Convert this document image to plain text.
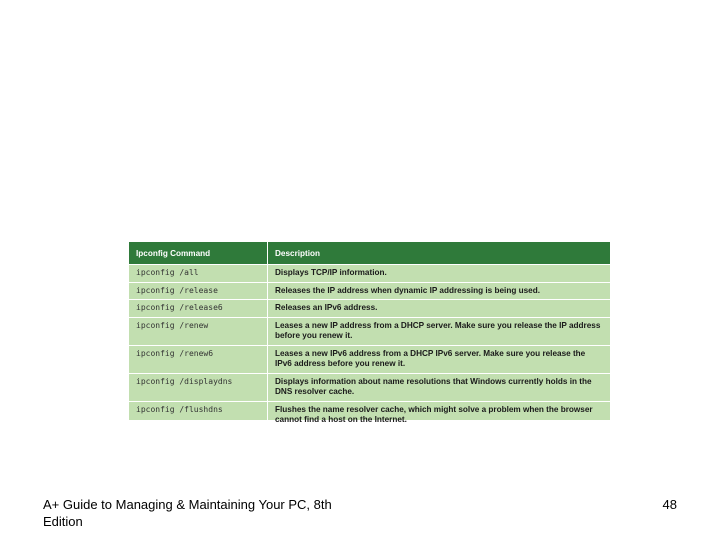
Ipconfig Command	Description
ipconfig /all	Displays TCP/IP information.
ipconfig /release	Releases the IP address when dynamic IP addressing is being used.
ipconfig /release6	Releases an IPv6 address.
ipconfig /renew	Leases a new IP address from a DHCP server. Make sure you release the IP address before you renew it.
ipconfig /renew6	Leases a new IPv6 address from a DHCP IPv6 server. Make sure you release the IPv6 address before you renew it.
ipconfig /displaydns	Displays information about name resolutions that Windows currently holds in the DNS resolver cache.
ipconfig /flushdns	Flushes the name resolver cache, which might solve a problem when the browser cannot find a host on the Internet.
A+ Guide to Managing & Maintaining Your PC, 8th Edition
48
